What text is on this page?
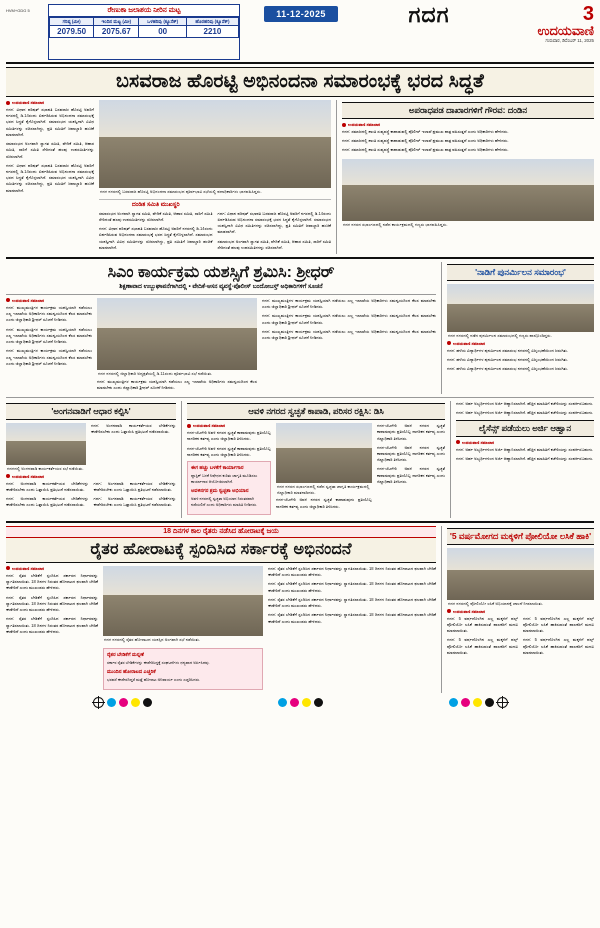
HVM+GDG 5	ರೇಣುಕಾ ಜಲಾಶಯ ನೀರಿನ ಮಟ್ಟ
ಗರಿಷ್ಠ (ಮೀ)	ಇಂದಿನ ಮಟ್ಟ (ಮೀ)	ಒಳಹರಿವು (ಕ್ಯೂಸೆಕ್)	ಹೊರಹರಿವು (ಕ್ಯೂಸೆಕ್)
2079.50	2075.67	00	2210
11-12-2025	ಗದಗ	3
ಉದಯವಾಣಿ
ಗುರುವಾರ, ಡಿಸೆಂಬರ್ 11, 2025
ಬಸವರಾಜ ಹೊರಟ್ಟಿ ಅಭಿನಂದನಾ ಸಮಾರಂಭಕ್ಕೆ ಭರದ ಸಿದ್ಧತೆ
ಉದಯವಾಣಿ ಸಮಾಚಾರ

ಗದಗ: ವಿಧಾನ ಪರಿಷತ್ ಸಭಾಪತಿ ಬಸವರಾಜ ಹೊರಟ್ಟಿ ಅವರಿಗೆ ನಗರದಲ್ಲಿ ಡಿ.14ರಂದು ಏರ್ಪಡಿಸಿರುವ ಅಭಿನಂದನಾ ಸಮಾರಂಭಕ್ಕೆ ಭರದ ಸಿದ್ಧತೆ ಕೈಗೊಳ್ಳಲಾಗಿದೆ. ಸಮಾರಂಭದ ಯಶಸ್ವಿಗಾಗಿ ವಿವಿಧ ಸಮಿತಿಗಳನ್ನು ರಚಿಸಲಾಗಿದ್ದು, ಪ್ರತಿ ಸಮಿತಿಗೆ ಜವಾಬ್ದಾರಿ ಹಂಚಿಕೆ ಮಾಡಲಾಗಿದೆ.

ಸಮಾರಂಭದ ಅಂಗವಾಗಿ ಸ್ವಾಗತ ಸಮಿತಿ, ವೇದಿಕೆ ಸಮಿತಿ, ಆಹಾರ ಸಮಿತಿ, ಸಾರಿಗೆ ಸಮಿತಿ ಸೇರಿದಂತೆ ಹಲವು ಉಪಸಮಿತಿಗಳನ್ನು ರಚಿಸಲಾಗಿದೆ.

ಗದಗ: ವಿಧಾನ ಪರಿಷತ್ ಸಭಾಪತಿ ಬಸವರಾಜ ಹೊರಟ್ಟಿ ಅವರಿಗೆ ನಗರದಲ್ಲಿ ಡಿ.14ರಂದು ಏರ್ಪಡಿಸಿರುವ ಅಭಿನಂದನಾ ಸಮಾರಂಭಕ್ಕೆ ಭರದ ಸಿದ್ಧತೆ ಕೈಗೊಳ್ಳಲಾಗಿದೆ. ಸಮಾರಂಭದ ಯಶಸ್ವಿಗಾಗಿ ವಿವಿಧ ಸಮಿತಿಗಳನ್ನು ರಚಿಸಲಾಗಿದ್ದು, ಪ್ರತಿ ಸಮಿತಿಗೆ ಜವಾಬ್ದಾರಿ ಹಂಚಿಕೆ ಮಾಡಲಾಗಿದೆ.	ಗದಗ ನಗರದಲ್ಲಿ ಬಸವರಾಜ ಹೊರಟ್ಟಿ ಅಭಿನಂದನಾ ಸಮಾರಂಭದ ಪೂರ್ವಭಾವಿ ಸಭೆಯಲ್ಲಿ ಪದಾಧಿಕಾರಿಗಳು ಭಾಗವಹಿಸಿದ್ದರು.
ದಂಡಿತ ಸಮಿತಿ ಮುಖಸ್ಥರಿ

ಸಮಾರಂಭದ ಅಂಗವಾಗಿ ಸ್ವಾಗತ ಸಮಿತಿ, ವೇದಿಕೆ ಸಮಿತಿ, ಆಹಾರ ಸಮಿತಿ, ಸಾರಿಗೆ ಸಮಿತಿ ಸೇರಿದಂತೆ ಹಲವು ಉಪಸಮಿತಿಗಳನ್ನು ರಚಿಸಲಾಗಿದೆ.

ಗದಗ: ವಿಧಾನ ಪರಿಷತ್ ಸಭಾಪತಿ ಬಸವರಾಜ ಹೊರಟ್ಟಿ ಅವರಿಗೆ ನಗರದಲ್ಲಿ ಡಿ.14ರಂದು ಏರ್ಪಡಿಸಿರುವ ಅಭಿನಂದನಾ ಸಮಾರಂಭಕ್ಕೆ ಭರದ ಸಿದ್ಧತೆ ಕೈಗೊಳ್ಳಲಾಗಿದೆ. ಸಮಾರಂಭದ ಯಶಸ್ವಿಗಾಗಿ ವಿವಿಧ ಸಮಿತಿಗಳನ್ನು ರಚಿಸಲಾಗಿದ್ದು, ಪ್ರತಿ ಸಮಿತಿಗೆ ಜವಾಬ್ದಾರಿ ಹಂಚಿಕೆ ಮಾಡಲಾಗಿದೆ.

ಗದಗ: ವಿಧಾನ ಪರಿಷತ್ ಸಭಾಪತಿ ಬಸವರಾಜ ಹೊರಟ್ಟಿ ಅವರಿಗೆ ನಗರದಲ್ಲಿ ಡಿ.14ರಂದು ಏರ್ಪಡಿಸಿರುವ ಅಭಿನಂದನಾ ಸಮಾರಂಭಕ್ಕೆ ಭರದ ಸಿದ್ಧತೆ ಕೈಗೊಳ್ಳಲಾಗಿದೆ. ಸಮಾರಂಭದ ಯಶಸ್ವಿಗಾಗಿ ವಿವಿಧ ಸಮಿತಿಗಳನ್ನು ರಚಿಸಲಾಗಿದ್ದು, ಪ್ರತಿ ಸಮಿತಿಗೆ ಜವಾಬ್ದಾರಿ ಹಂಚಿಕೆ ಮಾಡಲಾಗಿದೆ.

ಸಮಾರಂಭದ ಅಂಗವಾಗಿ ಸ್ವಾಗತ ಸಮಿತಿ, ವೇದಿಕೆ ಸಮಿತಿ, ಆಹಾರ ಸಮಿತಿ, ಸಾರಿಗೆ ಸಮಿತಿ ಸೇರಿದಂತೆ ಹಲವು ಉಪಸಮಿತಿಗಳನ್ನು ರಚಿಸಲಾಗಿದೆ.

ಅಪರಾಧಪಡ ದಾಖಾರಗಳಿಗೆ ಗೌರವ: ದಂಡಿನ
ಉದಯವಾಣಿ ಸಮಾಚಾರ

ಗದಗ: ಸಮಾಜದಲ್ಲಿ ಶಾಂತಿ ಸುವ್ಯವಸ್ಥೆ ಕಾಪಾಡುವಲ್ಲಿ ಪೊಲೀಸ್ ಇಲಾಖೆ ಪ್ರಮುಖ ಪಾತ್ರ ವಹಿಸುತ್ತದೆ ಎಂದು ಅಧಿಕಾರಿಗಳು ಹೇಳಿದರು.

ಗದಗ: ಸಮಾಜದಲ್ಲಿ ಶಾಂತಿ ಸುವ್ಯವಸ್ಥೆ ಕಾಪಾಡುವಲ್ಲಿ ಪೊಲೀಸ್ ಇಲಾಖೆ ಪ್ರಮುಖ ಪಾತ್ರ ವಹಿಸುತ್ತದೆ ಎಂದು ಅಧಿಕಾರಿಗಳು ಹೇಳಿದರು.

ಗದಗ: ಸಮಾಜದಲ್ಲಿ ಶಾಂತಿ ಸುವ್ಯವಸ್ಥೆ ಕಾಪಾಡುವಲ್ಲಿ ಪೊಲೀಸ್ ಇಲಾಖೆ ಪ್ರಮುಖ ಪಾತ್ರ ವಹಿಸುತ್ತದೆ ಎಂದು ಅಧಿಕಾರಿಗಳು ಹೇಳಿದರು.

ಗದಗ ನಗರದ ಸಭಾಂಗಣದಲ್ಲಿ ನಡೆದ ಕಾರ್ಯಕ್ರಮದಲ್ಲಿ ಗಣ್ಯರು ಭಾಗವಹಿಸಿದ್ದರು.
ಸಿಎಂ ಕಾರ್ಯಕ್ರಮ ಯಶಸ್ಸಿಗೆ ಶ್ರಮಿಸಿ: ಶ್ರೀಧರ್
ಶಿಕ್ಷಣಾವಾದ ಉಬ್ಬುಘಾಪನೆಗಾಗಿದಲ್ಲಿ • ವೇದಿಕೆ-ಆಸನ ವ್ಯವಸ್ಥೆ-ಪೊಲೀಸ್ ಬಂದೋಬಸ್ತ್ ಅಧಿಕಾರಿಗಳಿಗೆ ಸೂಚನೆ
ಉದಯವಾಣಿ ಸಮಾಚಾರ

ಗದಗ: ಮುಖ್ಯಮಂತ್ರಿಗಳ ಕಾರ್ಯಕ್ರಮ ಯಶಸ್ವಿಯಾಗಿ ನಡೆಯಲು ಎಲ್ಲ ಇಲಾಖೆಯ ಅಧಿಕಾರಿಗಳು ಸಮನ್ವಯದಿಂದ ಕೆಲಸ ಮಾಡಬೇಕು ಎಂದು ಜಿಲ್ಲಾಧಿಕಾರಿ ಶ್ರೀಧರ್ ಸೂಚನೆ ನೀಡಿದರು.

ಗದಗ: ಮುಖ್ಯಮಂತ್ರಿಗಳ ಕಾರ್ಯಕ್ರಮ ಯಶಸ್ವಿಯಾಗಿ ನಡೆಯಲು ಎಲ್ಲ ಇಲಾಖೆಯ ಅಧಿಕಾರಿಗಳು ಸಮನ್ವಯದಿಂದ ಕೆಲಸ ಮಾಡಬೇಕು ಎಂದು ಜಿಲ್ಲಾಧಿಕಾರಿ ಶ್ರೀಧರ್ ಸೂಚನೆ ನೀಡಿದರು.

ಗದಗ: ಮುಖ್ಯಮಂತ್ರಿಗಳ ಕಾರ್ಯಕ್ರಮ ಯಶಸ್ವಿಯಾಗಿ ನಡೆಯಲು ಎಲ್ಲ ಇಲಾಖೆಯ ಅಧಿಕಾರಿಗಳು ಸಮನ್ವಯದಿಂದ ಕೆಲಸ ಮಾಡಬೇಕು ಎಂದು ಜಿಲ್ಲಾಧಿಕಾರಿ ಶ್ರೀಧರ್ ಸೂಚನೆ ನೀಡಿದರು.

ಗದಗ ನಗರದಲ್ಲಿ ಜಿಲ್ಲಾಧಿಕಾರಿ ಅಧ್ಯಕ್ಷತೆಯಲ್ಲಿ ಡಿ.11ರಂದು ಪೂರ್ವಭಾವಿ ಸಭೆ ನಡೆಯಿತು.

ಗದಗ: ಮುಖ್ಯಮಂತ್ರಿಗಳ ಕಾರ್ಯಕ್ರಮ ಯಶಸ್ವಿಯಾಗಿ ನಡೆಯಲು ಎಲ್ಲ ಇಲಾಖೆಯ ಅಧಿಕಾರಿಗಳು ಸಮನ್ವಯದಿಂದ ಕೆಲಸ ಮಾಡಬೇಕು ಎಂದು ಜಿಲ್ಲಾಧಿಕಾರಿ ಶ್ರೀಧರ್ ಸೂಚನೆ ನೀಡಿದರು.

ಗದಗ: ಮುಖ್ಯಮಂತ್ರಿಗಳ ಕಾರ್ಯಕ್ರಮ ಯಶಸ್ವಿಯಾಗಿ ನಡೆಯಲು ಎಲ್ಲ ಇಲಾಖೆಯ ಅಧಿಕಾರಿಗಳು ಸಮನ್ವಯದಿಂದ ಕೆಲಸ ಮಾಡಬೇಕು ಎಂದು ಜಿಲ್ಲಾಧಿಕಾರಿ ಶ್ರೀಧರ್ ಸೂಚನೆ ನೀಡಿದರು.

ಗದಗ: ಮುಖ್ಯಮಂತ್ರಿಗಳ ಕಾರ್ಯಕ್ರಮ ಯಶಸ್ವಿಯಾಗಿ ನಡೆಯಲು ಎಲ್ಲ ಇಲಾಖೆಯ ಅಧಿಕಾರಿಗಳು ಸಮನ್ವಯದಿಂದ ಕೆಲಸ ಮಾಡಬೇಕು ಎಂದು ಜಿಲ್ಲಾಧಿಕಾರಿ ಶ್ರೀಧರ್ ಸೂಚನೆ ನೀಡಿದರು.

ಗದಗ: ಮುಖ್ಯಮಂತ್ರಿಗಳ ಕಾರ್ಯಕ್ರಮ ಯಶಸ್ವಿಯಾಗಿ ನಡೆಯಲು ಎಲ್ಲ ಇಲಾಖೆಯ ಅಧಿಕಾರಿಗಳು ಸಮನ್ವಯದಿಂದ ಕೆಲಸ ಮಾಡಬೇಕು ಎಂದು ಜಿಲ್ಲಾಧಿಕಾರಿ ಶ್ರೀಧರ್ ಸೂಚನೆ ನೀಡಿದರು.

'ನಾಡಿಗೆ ಪುನರ್ಮಿಲನ ಸಮಾರಂಭ'
ಗದಗ ನಗರದಲ್ಲಿ ನಡೆದ ಪುನರ್ಮಿಲನ ಸಮಾರಂಭದಲ್ಲಿ ಗಣ್ಯರು ಪಾಲ್ಗೊಂಡಿದ್ದರು.
ಉದಯವಾಣಿ ಸಮಾಚಾರ

ಗದಗ: ಹಳೆಯ ವಿದ್ಯಾರ್ಥಿಗಳ ಪುನರ್ಮಿಲನ ಸಮಾರಂಭ ನಗರದಲ್ಲಿ ವಿಜೃಂಭಣೆಯಿಂದ ಜರುಗಿತು.

ಗದಗ: ಹಳೆಯ ವಿದ್ಯಾರ್ಥಿಗಳ ಪುನರ್ಮಿಲನ ಸಮಾರಂಭ ನಗರದಲ್ಲಿ ವಿಜೃಂಭಣೆಯಿಂದ ಜರುಗಿತು.

ಗದಗ: ಹಳೆಯ ವಿದ್ಯಾರ್ಥಿಗಳ ಪುನರ್ಮಿಲನ ಸಮಾರಂಭ ನಗರದಲ್ಲಿ ವಿಜೃಂಭಣೆಯಿಂದ ಜರುಗಿತು.

'ಅಂಗನವಾಡಿಗೆ ಆಧಾರ ಕಲ್ಪಿಸಿ'
ಗದಗದಲ್ಲಿ ಅಂಗನವಾಡಿ ಕಾರ್ಯಕರ್ತೆಯರ ಸಭೆ ನಡೆಯಿತು.

ಗದಗ: ಅಂಗನವಾಡಿ ಕಾರ್ಯಕರ್ತೆಯರ ಬೇಡಿಕೆಗಳನ್ನು ಈಡೇರಿಸಬೇಕು ಎಂದು ಒತ್ತಾಯಿಸಿ ಪ್ರತಿಭಟನೆ ನಡೆಸಲಾಯಿತು.

ಉದಯವಾಣಿ ಸಮಾಚಾರ

ಗದಗ: ಅಂಗನವಾಡಿ ಕಾರ್ಯಕರ್ತೆಯರ ಬೇಡಿಕೆಗಳನ್ನು ಈಡೇರಿಸಬೇಕು ಎಂದು ಒತ್ತಾಯಿಸಿ ಪ್ರತಿಭಟನೆ ನಡೆಸಲಾಯಿತು.

ಗದಗ: ಅಂಗನವಾಡಿ ಕಾರ್ಯಕರ್ತೆಯರ ಬೇಡಿಕೆಗಳನ್ನು ಈಡೇರಿಸಬೇಕು ಎಂದು ಒತ್ತಾಯಿಸಿ ಪ್ರತಿಭಟನೆ ನಡೆಸಲಾಯಿತು.

ಗದಗ: ಅಂಗನವಾಡಿ ಕಾರ್ಯಕರ್ತೆಯರ ಬೇಡಿಕೆಗಳನ್ನು ಈಡೇರಿಸಬೇಕು ಎಂದು ಒತ್ತಾಯಿಸಿ ಪ್ರತಿಭಟನೆ ನಡೆಸಲಾಯಿತು.

ಗದಗ: ಅಂಗನವಾಡಿ ಕಾರ್ಯಕರ್ತೆಯರ ಬೇಡಿಕೆಗಳನ್ನು ಈಡೇರಿಸಬೇಕು ಎಂದು ಒತ್ತಾಯಿಸಿ ಪ್ರತಿಭಟನೆ ನಡೆಸಲಾಯಿತು.

ಆವಳಿ ನಗರದ ಸ್ವಚ್ಛತೆ ಕಾಪಾಡಿ, ಪರಿಸರ ರಕ್ಷಿಸಿ: ಡಿಸಿ
ಉದಯವಾಣಿ ಸಮಾಚಾರ

ಗದಗ-ಬೆಟಗೇರಿ ಅವಳಿ ನಗರದ ಸ್ವಚ್ಛತೆ ಕಾಪಾಡುವುದು ಪ್ರತಿಯೊಬ್ಬ ನಾಗರಿಕನ ಕರ್ತವ್ಯ ಎಂದು ಜಿಲ್ಲಾಧಿಕಾರಿ ತಿಳಿಸಿದರು.

ಗದಗ-ಬೆಟಗೇರಿ ಅವಳಿ ನಗರದ ಸ್ವಚ್ಛತೆ ಕಾಪಾಡುವುದು ಪ್ರತಿಯೊಬ್ಬ ನಾಗರಿಕನ ಕರ್ತವ್ಯ ಎಂದು ಜಿಲ್ಲಾಧಿಕಾರಿ ತಿಳಿಸಿದರು.

ಈಗ ಹಚ್ಚು ಬಳಕೆಗೆ ಕಾರ್ಯಾಗಾರ

ಪ್ಲಾಸ್ಟಿಕ್ ಬಳಕೆ ನಿಷೇಧದ ಕುರಿತು ಜಾಗೃತಿ ಮೂಡಿಸಲು ಕಾರ್ಯಾಗಾರ ಆಯೋಜಿಸಲಾಗಿದೆ.

ಅವಳಿನಗರ ಶ್ರಮ ಸ್ವಚ್ಛತಾ ಅಭಿಯಾನ

ಅವಳಿ ನಗರದಲ್ಲಿ ಸ್ವಚ್ಛತಾ ಅಭಿಯಾನ ನಿರಂತರವಾಗಿ ನಡೆಯಲಿದೆ ಎಂದು ಅಧಿಕಾರಿಗಳು ಮಾಹಿತಿ ನೀಡಿದರು.

ಗದಗ ನಗರದ ಸಭಾಂಗಣದಲ್ಲಿ ನಡೆದ ಸ್ವಚ್ಛತಾ ಜಾಗೃತಿ ಕಾರ್ಯಕ್ರಮದಲ್ಲಿ ಜಿಲ್ಲಾಧಿಕಾರಿ ಮಾತನಾಡಿದರು.

ಗದಗ-ಬೆಟಗೇರಿ ಅವಳಿ ನಗರದ ಸ್ವಚ್ಛತೆ ಕಾಪಾಡುವುದು ಪ್ರತಿಯೊಬ್ಬ ನಾಗರಿಕನ ಕರ್ತವ್ಯ ಎಂದು ಜಿಲ್ಲಾಧಿಕಾರಿ ತಿಳಿಸಿದರು.

ಗದಗ-ಬೆಟಗೇರಿ ಅವಳಿ ನಗರದ ಸ್ವಚ್ಛತೆ ಕಾಪಾಡುವುದು ಪ್ರತಿಯೊಬ್ಬ ನಾಗರಿಕನ ಕರ್ತವ್ಯ ಎಂದು ಜಿಲ್ಲಾಧಿಕಾರಿ ತಿಳಿಸಿದರು.

ಗದಗ-ಬೆಟಗೇರಿ ಅವಳಿ ನಗರದ ಸ್ವಚ್ಛತೆ ಕಾಪಾಡುವುದು ಪ್ರತಿಯೊಬ್ಬ ನಾಗರಿಕನ ಕರ್ತವ್ಯ ಎಂದು ಜಿಲ್ಲಾಧಿಕಾರಿ ತಿಳಿಸಿದರು.

ಗದಗ-ಬೆಟಗೇರಿ ಅವಳಿ ನಗರದ ಸ್ವಚ್ಛತೆ ಕಾಪಾಡುವುದು ಪ್ರತಿಯೊಬ್ಬ ನಾಗರಿಕನ ಕರ್ತವ್ಯ ಎಂದು ಜಿಲ್ಲಾಧಿಕಾರಿ ತಿಳಿಸಿದರು.

ಗದಗ: ಅರ್ಹ ಅಭ್ಯರ್ಥಿಗಳಿಂದ ಅರ್ಜಿ ಆಹ್ವಾನಿಸಲಾಗಿದೆ. ಹೆಚ್ಚಿನ ಮಾಹಿತಿಗೆ ಕಚೇರಿಯನ್ನು ಸಂಪರ್ಕಿಸಬಹುದು.

ಗದಗ: ಅರ್ಹ ಅಭ್ಯರ್ಥಿಗಳಿಂದ ಅರ್ಜಿ ಆಹ್ವಾನಿಸಲಾಗಿದೆ. ಹೆಚ್ಚಿನ ಮಾಹಿತಿಗೆ ಕಚೇರಿಯನ್ನು ಸಂಪರ್ಕಿಸಬಹುದು.

ಲೈಸೆನ್ಸ್ ಪಡೆಯಲು ಅರ್ಜಿ ಆಹ್ವಾನ
ಉದಯವಾಣಿ ಸಮಾಚಾರ

ಗದಗ: ಅರ್ಹ ಅಭ್ಯರ್ಥಿಗಳಿಂದ ಅರ್ಜಿ ಆಹ್ವಾನಿಸಲಾಗಿದೆ. ಹೆಚ್ಚಿನ ಮಾಹಿತಿಗೆ ಕಚೇರಿಯನ್ನು ಸಂಪರ್ಕಿಸಬಹುದು.

ಗದಗ: ಅರ್ಹ ಅಭ್ಯರ್ಥಿಗಳಿಂದ ಅರ್ಜಿ ಆಹ್ವಾನಿಸಲಾಗಿದೆ. ಹೆಚ್ಚಿನ ಮಾಹಿತಿಗೆ ಕಚೇರಿಯನ್ನು ಸಂಪರ್ಕಿಸಬಹುದು.

18 ದಿನಗಳ ಕಾಲ ರೈತರು ನಡೆಸಿದ ಹೋರಾಟಕ್ಕೆ ಜಯ
ರೈತರ ಹೋರಾಟಕ್ಕೆ ಸ್ಪಂದಿಸಿದ ಸರ್ಕಾರಕ್ಕೆ ಅಭಿನಂದನೆ
ಉದಯವಾಣಿ ಸಮಾಚಾರ

ಗದಗ: ರೈತರ ಬೇಡಿಕೆಗೆ ಸ್ಪಂದಿಸಿದ ಸರ್ಕಾರದ ನಿರ್ಧಾರವನ್ನು ಸ್ವಾಗತಿಸಲಾಯಿತು. 18 ದಿನಗಳ ನಿರಂತರ ಹೋರಾಟದ ಫಲವಾಗಿ ಬೇಡಿಕೆ ಈಡೇರಿದೆ ಎಂದು ಮುಖಂಡರು ಹೇಳಿದರು.

ಗದಗ: ರೈತರ ಬೇಡಿಕೆಗೆ ಸ್ಪಂದಿಸಿದ ಸರ್ಕಾರದ ನಿರ್ಧಾರವನ್ನು ಸ್ವಾಗತಿಸಲಾಯಿತು. 18 ದಿನಗಳ ನಿರಂತರ ಹೋರಾಟದ ಫಲವಾಗಿ ಬೇಡಿಕೆ ಈಡೇರಿದೆ ಎಂದು ಮುಖಂಡರು ಹೇಳಿದರು.

ಗದಗ: ರೈತರ ಬೇಡಿಕೆಗೆ ಸ್ಪಂದಿಸಿದ ಸರ್ಕಾರದ ನಿರ್ಧಾರವನ್ನು ಸ್ವಾಗತಿಸಲಾಯಿತು. 18 ದಿನಗಳ ನಿರಂತರ ಹೋರಾಟದ ಫಲವಾಗಿ ಬೇಡಿಕೆ ಈಡೇರಿದೆ ಎಂದು ಮುಖಂಡರು ಹೇಳಿದರು.

ಗದಗ ನಗರದಲ್ಲಿ ರೈತರ ಹೋರಾಟದ ಯಶಸ್ಸಿನ ಅಂಗವಾಗಿ ಸಭೆ ನಡೆಯಿತು.
ರೈತರ ಬೇಡಿಕೆಗೆ ಮನ್ನಣೆ

ಸರ್ಕಾರ ರೈತರ ಬೇಡಿಕೆಗಳನ್ನು ಈಡೇರಿಸಿದ್ದಕ್ಕೆ ಸಂಘಟನೆಗಳು ಧನ್ಯವಾದ ಅರ್ಪಿಸಿದವು.

ಮುಂದಿನ ಹೋರಾಟದ ಎಚ್ಚರಿಕೆ

ಭರವಸೆ ಈಡೇರದಿದ್ದರೆ ಮತ್ತೆ ಹೋರಾಟ ಅನಿವಾರ್ಯ ಎಂದು ಎಚ್ಚರಿಸಿದರು.

ಗದಗ: ರೈತರ ಬೇಡಿಕೆಗೆ ಸ್ಪಂದಿಸಿದ ಸರ್ಕಾರದ ನಿರ್ಧಾರವನ್ನು ಸ್ವಾಗತಿಸಲಾಯಿತು. 18 ದಿನಗಳ ನಿರಂತರ ಹೋರಾಟದ ಫಲವಾಗಿ ಬೇಡಿಕೆ ಈಡೇರಿದೆ ಎಂದು ಮುಖಂಡರು ಹೇಳಿದರು.

ಗದಗ: ರೈತರ ಬೇಡಿಕೆಗೆ ಸ್ಪಂದಿಸಿದ ಸರ್ಕಾರದ ನಿರ್ಧಾರವನ್ನು ಸ್ವಾಗತಿಸಲಾಯಿತು. 18 ದಿನಗಳ ನಿರಂತರ ಹೋರಾಟದ ಫಲವಾಗಿ ಬೇಡಿಕೆ ಈಡೇರಿದೆ ಎಂದು ಮುಖಂಡರು ಹೇಳಿದರು.

ಗದಗ: ರೈತರ ಬೇಡಿಕೆಗೆ ಸ್ಪಂದಿಸಿದ ಸರ್ಕಾರದ ನಿರ್ಧಾರವನ್ನು ಸ್ವಾಗತಿಸಲಾಯಿತು. 18 ದಿನಗಳ ನಿರಂತರ ಹೋರಾಟದ ಫಲವಾಗಿ ಬೇಡಿಕೆ ಈಡೇರಿದೆ ಎಂದು ಮುಖಂಡರು ಹೇಳಿದರು.

ಗದಗ: ರೈತರ ಬೇಡಿಕೆಗೆ ಸ್ಪಂದಿಸಿದ ಸರ್ಕಾರದ ನಿರ್ಧಾರವನ್ನು ಸ್ವಾಗತಿಸಲಾಯಿತು. 18 ದಿನಗಳ ನಿರಂತರ ಹೋರಾಟದ ಫಲವಾಗಿ ಬೇಡಿಕೆ ಈಡೇರಿದೆ ಎಂದು ಮುಖಂಡರು ಹೇಳಿದರು.

'5 ವರ್ಷಮೋಗದ ಮಕ್ಕಳಿಗೆ ಪೋಲಿಯೋ ಲಸಿಕೆ ಹಾಕಿ'
ಗದಗ ನಗರದಲ್ಲಿ ಪೋಲಿಯೋ ಲಸಿಕೆ ಅಭಿಯಾನಕ್ಕೆ ಚಾಲನೆ ನೀಡಲಾಯಿತು.
ಉದಯವಾಣಿ ಸಮಾಚಾರ

ಗದಗ: 5 ವರ್ಷದೊಳಗಿನ ಎಲ್ಲ ಮಕ್ಕಳಿಗೆ ಪಲ್ಸ್ ಪೋಲಿಯೋ ಲಸಿಕೆ ಹಾಕಿಸುವಂತೆ ಪಾಲಕರಿಗೆ ಮನವಿ ಮಾಡಲಾಯಿತು.

ಗದಗ: 5 ವರ್ಷದೊಳಗಿನ ಎಲ್ಲ ಮಕ್ಕಳಿಗೆ ಪಲ್ಸ್ ಪೋಲಿಯೋ ಲಸಿಕೆ ಹಾಕಿಸುವಂತೆ ಪಾಲಕರಿಗೆ ಮನವಿ ಮಾಡಲಾಯಿತು.

ಗದಗ: 5 ವರ್ಷದೊಳಗಿನ ಎಲ್ಲ ಮಕ್ಕಳಿಗೆ ಪಲ್ಸ್ ಪೋಲಿಯೋ ಲಸಿಕೆ ಹಾಕಿಸುವಂತೆ ಪಾಲಕರಿಗೆ ಮನವಿ ಮಾಡಲಾಯಿತು.

ಗದಗ: 5 ವರ್ಷದೊಳಗಿನ ಎಲ್ಲ ಮಕ್ಕಳಿಗೆ ಪಲ್ಸ್ ಪೋಲಿಯೋ ಲಸಿಕೆ ಹಾಕಿಸುವಂತೆ ಪಾಲಕರಿಗೆ ಮನವಿ ಮಾಡಲಾಯಿತು.
